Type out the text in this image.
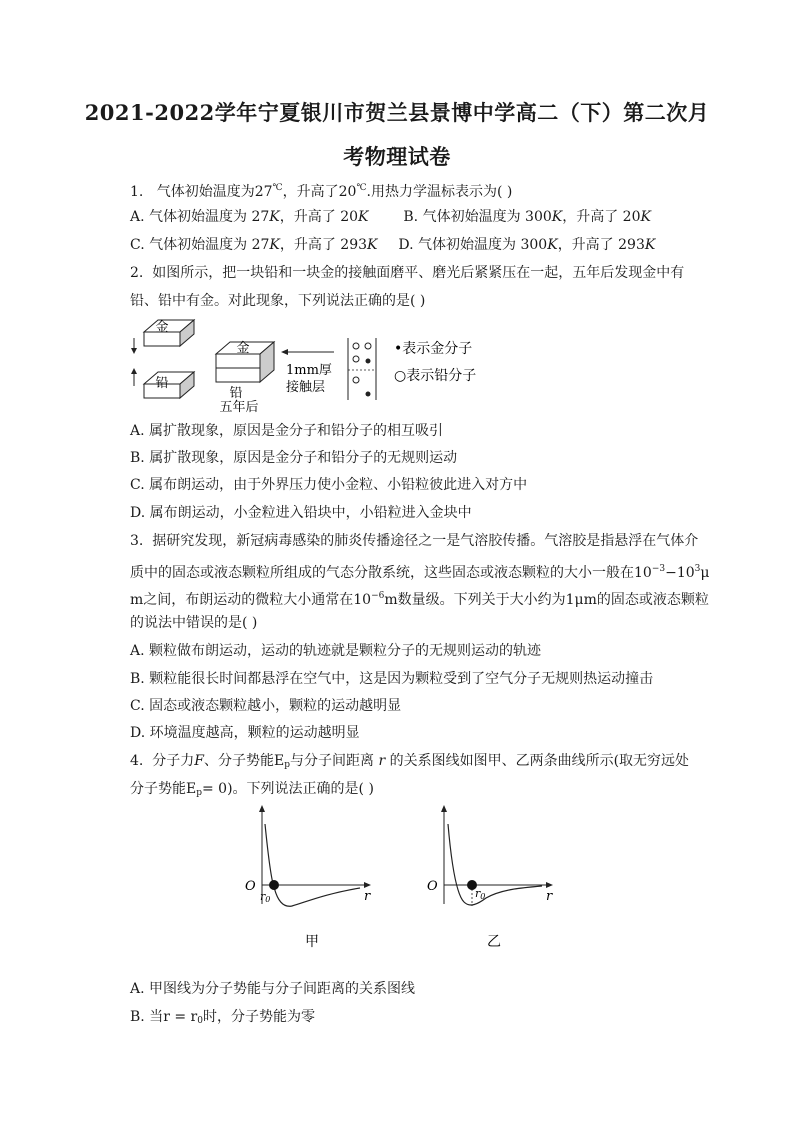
2021-2022学年宁夏银川市贺兰县景博中学高二（下）第二次月
考物理试卷
1. 气体初始温度为27℃，升高了20℃.用热力学温标表示为( )
A. 气体初始温度为 27K，升高了 20K B. 气体初始温度为 300K，升高了 20K
C. 气体初始温度为 27K，升高了 293K D. 气体初始温度为 300K，升高了 293K
2. 如图所示，把一块铅和一块金的接触面磨平、磨光后紧紧压在一起，五年后发现金中有
铅、铅中有金。对此现象，下列说法正确的是( )
金
铅
金
铅
五年后
1mm厚
接触层
•表示金分子
○表示铅分子
A. 属扩散现象，原因是金分子和铅分子的相互吸引
B. 属扩散现象，原因是金分子和铅分子的无规则运动
C. 属布朗运动，由于外界压力使小金粒、小铅粒彼此进入对方中
D. 属布朗运动，小金粒进入铅块中，小铅粒进入金块中
3. 据研究发现，新冠病毒感染的肺炎传播途径之一是气溶胶传播。气溶胶是指悬浮在气体介
质中的固态或液态颗粒所组成的气态分散系统，这些固态或液态颗粒的大小一般在$10^{-3}-10^3\mu$
m之间，布朗运动的微粒大小通常在$10^{-6}m$数量级。下列关于大小约为1μm的固态或液态颗粒
的说法中错误的是( )
A. 颗粒做布朗运动，运动的轨迹就是颗粒分子的无规则运动的轨迹
B. 颗粒能很长时间都悬浮在空气中，这是因为颗粒受到了空气分子无规则热运动撞击
C. 固态或液态颗粒越小，颗粒的运动越明显
D. 环境温度越高，颗粒的运动越明显
4. 分子力F、分子势能$E_p$与分子间距离 r 的关系图线如图甲、乙两条曲线所示(取无穷远处
分子势能$E_p= 0$)。下列说法正确的是( )
O
r0	r
甲
O	r0	r
乙
A. 甲图线为分子势能与分子间距离的关系图线
B. 当$r = r_0$时，分子势能为零
